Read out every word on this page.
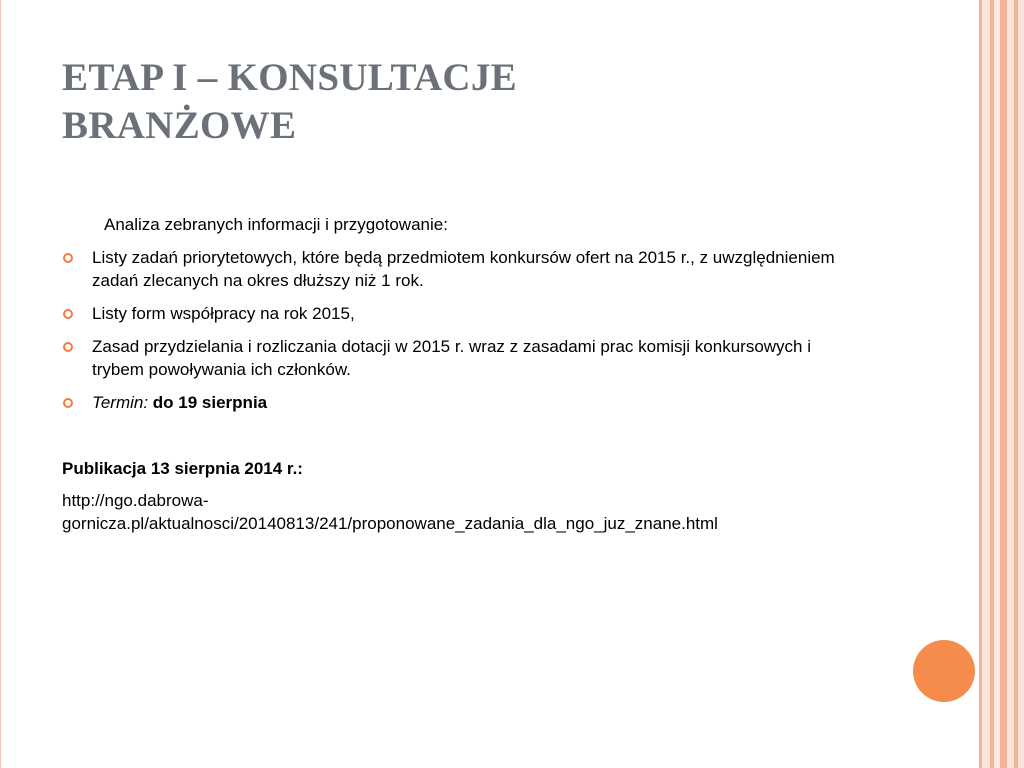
ETAP I – KONSULTACJE
BRANŻOWE

Analiza zebranych informacji i przygotowanie:

Listy zadań priorytetowych, które będą przedmiotem konkursów ofert na 2015 r., z uwzględnieniem zadań zlecanych na okres dłuższy niż 1 rok.
Listy form współpracy na rok 2015,
Zasad przydzielania i rozliczania dotacji w 2015 r. wraz z zasadami prac komisji konkursowych i trybem powoływania ich członków.
Termin: do 19 sierpnia

Publikacja 13 sierpnia 2014 r.:

http://ngo.dabrowa-
gornicza.pl/aktualnosci/20140813/241/proponowane_zadania_dla_ngo_juz_znane.html
